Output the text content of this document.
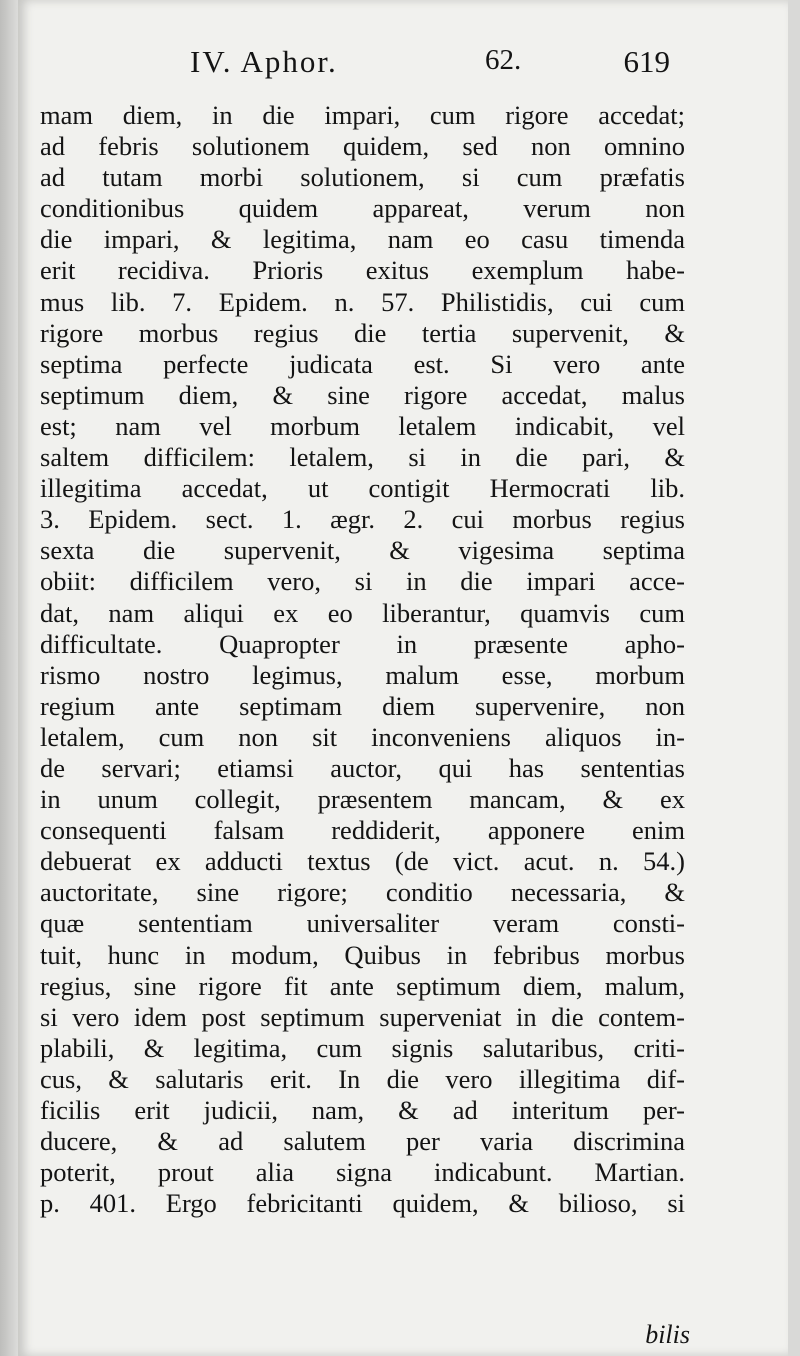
IV. Aphor.	62.	619
mam diem, in die impari, cum rigore accedat;
ad febris solutionem quidem, sed non omnino
ad tutam morbi solutionem, si cum præfatis
conditionibus quidem appareat, verum non
die impari, & legitima, nam eo casu timenda
erit recidiva. Prioris exitus exemplum habe-
mus lib. 7. Epidem. n. 57. Philistidis, cui cum
rigore morbus regius die tertia supervenit, &
septima perfecte judicata est. Si vero ante
septimum diem, & sine rigore accedat, malus
est; nam vel morbum letalem indicabit, vel
saltem difficilem: letalem, si in die pari, &
illegitima accedat, ut contigit Hermocrati lib.
3. Epidem. sect. 1. ægr. 2. cui morbus regius
sexta die supervenit, & vigesima septima
obiit: difficilem vero, si in die impari acce-
dat, nam aliqui ex eo liberantur, quamvis cum
difficultate. Quapropter in præsente apho-
rismo nostro legimus, malum esse, morbum
regium ante septimam diem supervenire, non
letalem, cum non sit inconveniens aliquos in-
de servari; etiamsi auctor, qui has sententias
in unum collegit, præsentem mancam, & ex
consequenti falsam reddiderit, apponere enim
debuerat ex adducti textus (de vict. acut. n. 54.)
auctoritate, sine rigore; conditio necessaria, &
quæ sententiam universaliter veram consti-
tuit, hunc in modum, Quibus in febribus morbus
regius, sine rigore fit ante septimum diem, malum,
si vero idem post septimum superveniat in die contem-
plabili, & legitima, cum signis salutaribus, criti-
cus, & salutaris erit. In die vero illegitima dif-
ficilis erit judicii, nam, & ad interitum per-
ducere, & ad salutem per varia discrimina
poterit, prout alia signa indicabunt. Martian.
p. 401. Ergo febricitanti quidem, & bilioso, si
bilis
